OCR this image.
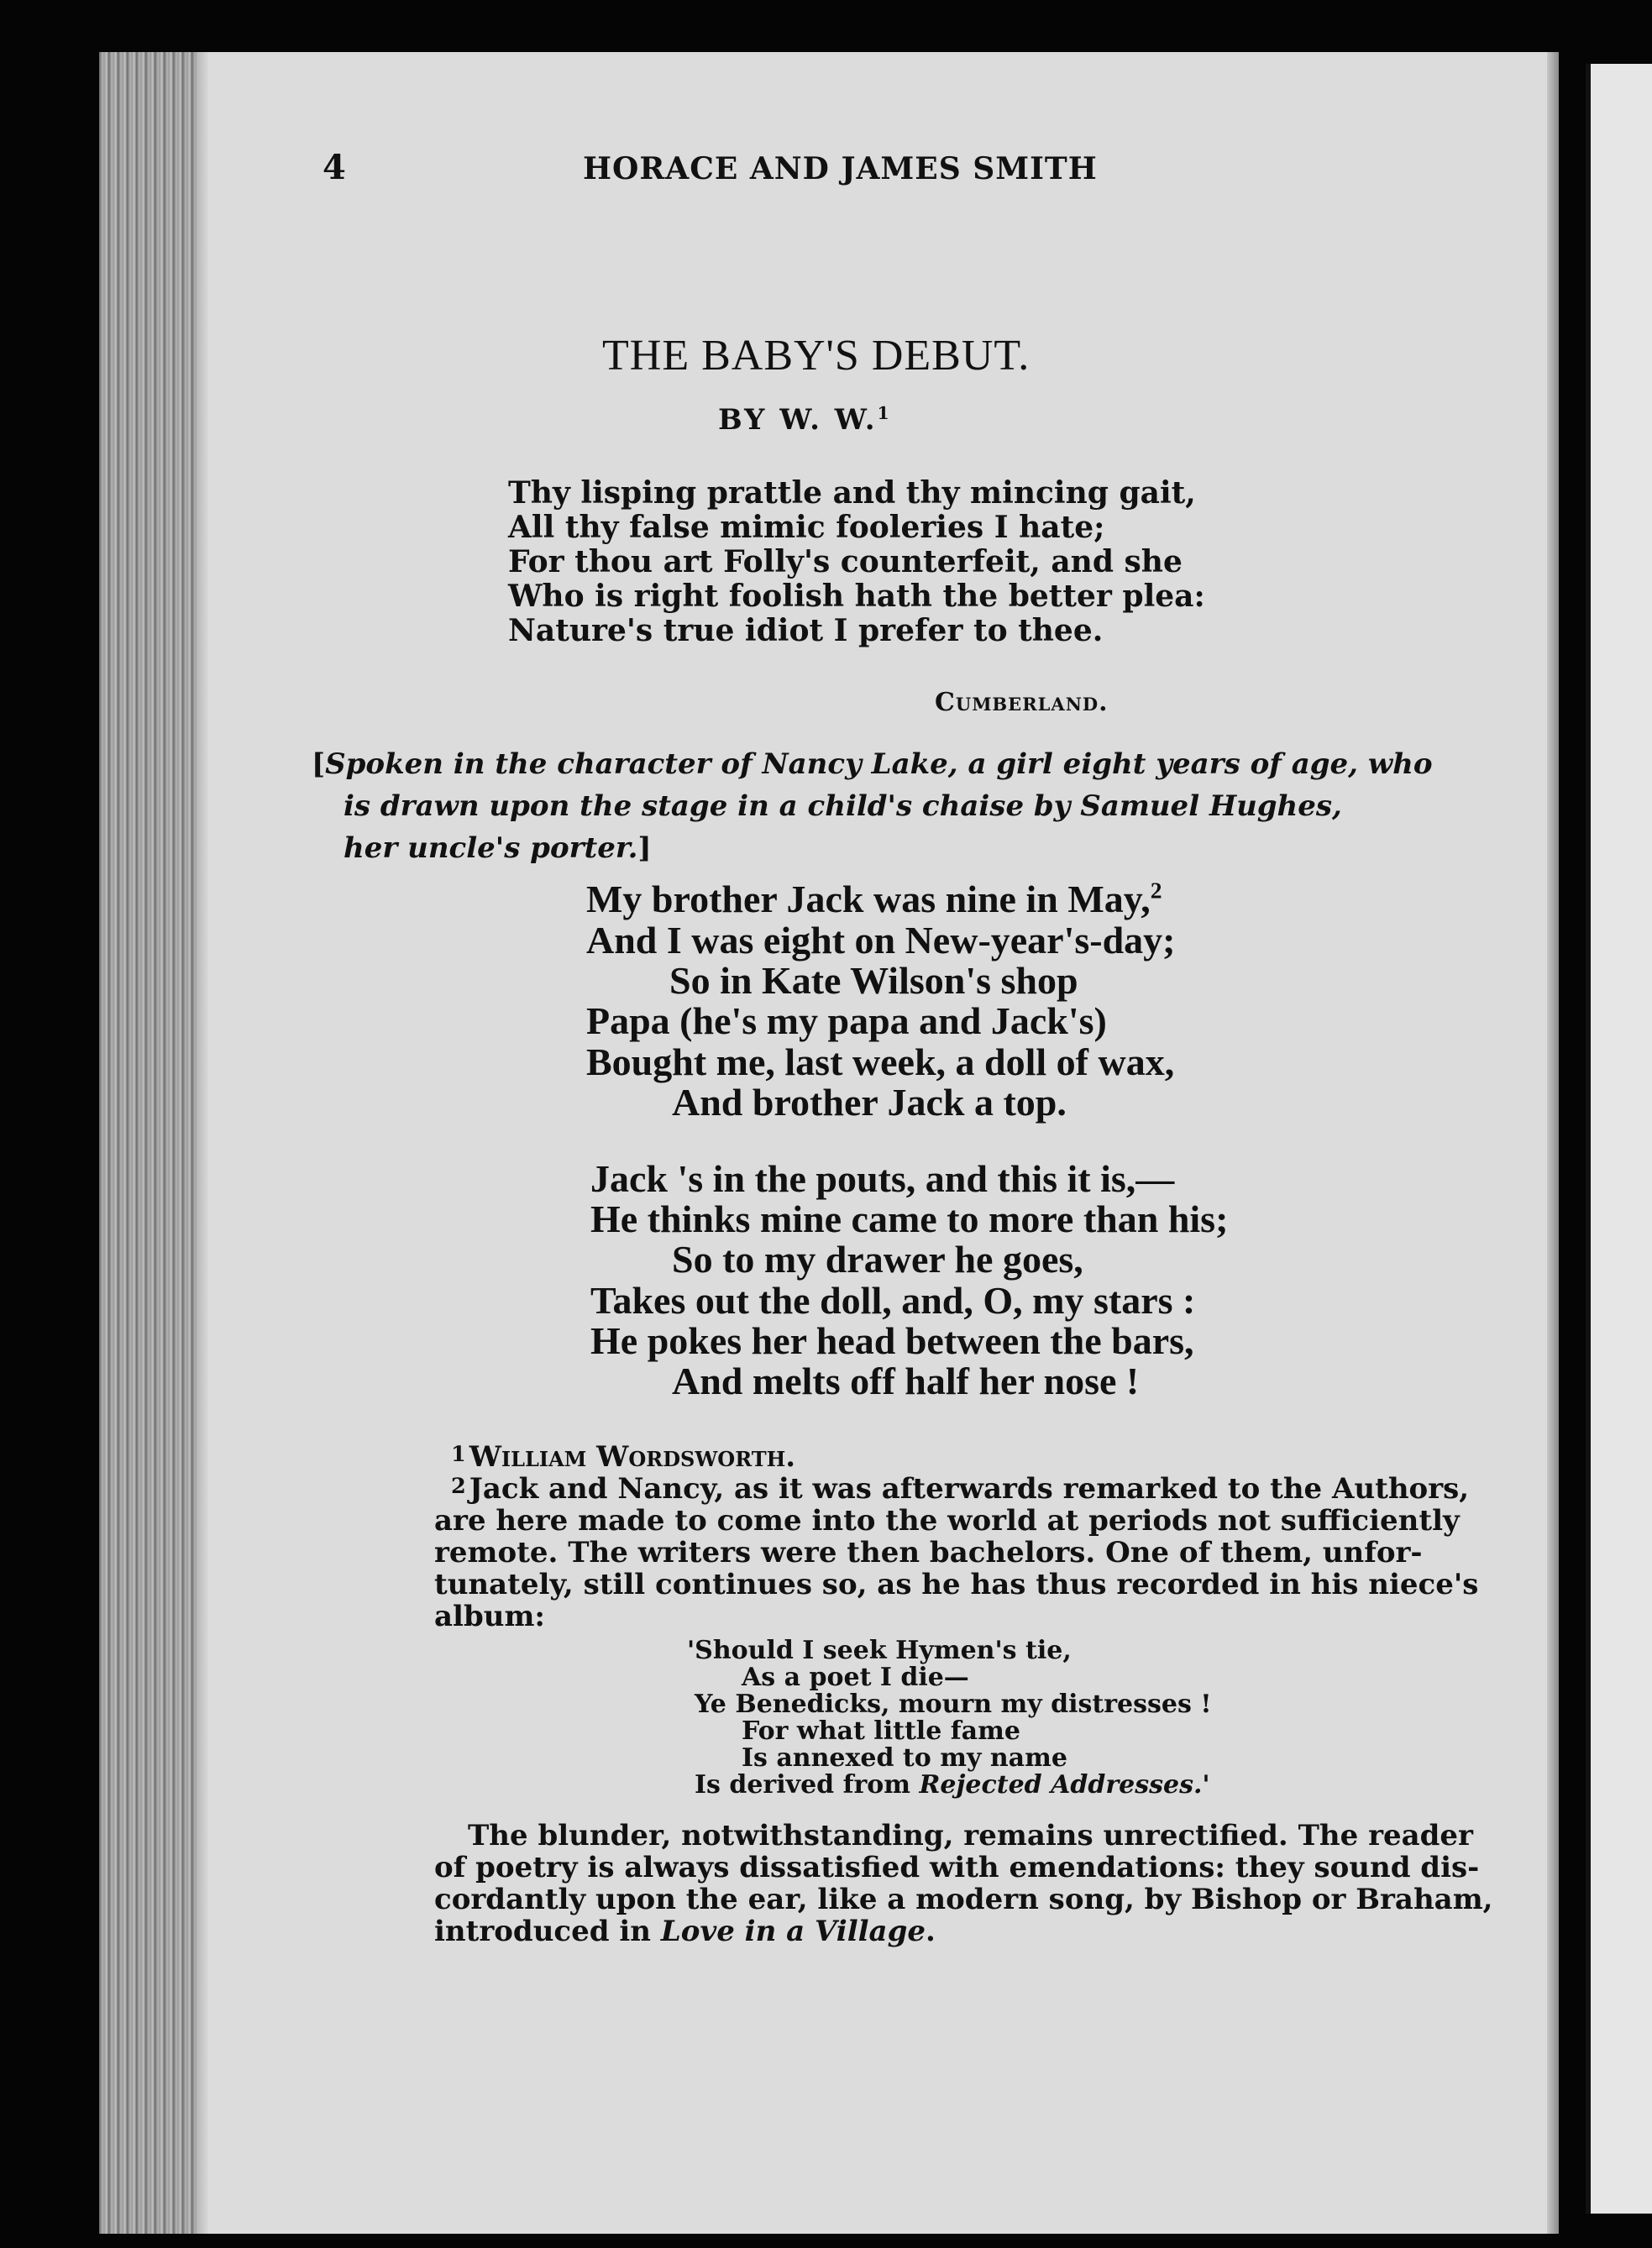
4	HORACE AND JAMES SMITH

THE BABY'S DEBUT.

BY W. W.$^1$

Thy lisping prattle and thy mincing gait,
All thy false mimic fooleries I hate;
For thou art Folly's counterfeit, and she
Who is right foolish hath the better plea:
Nature's true idiot I prefer to thee.

Cumberland.

[Spoken in the character of Nancy Lake, a girl eight years of age, who

is drawn upon the stage in a child's chaise by Samuel Hughes,

her uncle's porter.]

My brother Jack was nine in May,$^2$
And I was eight on New-year's-day;
So in Kate Wilson's shop
Papa (he's my papa and Jack's)
Bought me, last week, a doll of wax,
And brother Jack a top.
Jack 's in the pouts, and this it is,—
He thinks mine came to more than his;
So to my drawer he goes,
Takes out the doll, and, O, my stars :
He pokes her head between the bars,
And melts off half her nose !

1 William Wordsworth.

2 Jack and Nancy, as it was afterwards remarked to the Authors,

are here made to come into the world at periods not sufficiently

remote. The writers were then bachelors. One of them, unfor-

tunately, still continues so, as he has thus recorded in his niece's

album:

'Should I seek Hymen's tie,

As a poet I die—

Ye Benedicks, mourn my distresses !

For what little fame

Is annexed to my name

Is derived from Rejected Addresses.'

The blunder, notwithstanding, remains unrectified. The reader

of poetry is always dissatisfied with emendations: they sound dis-

cordantly upon the ear, like a modern song, by Bishop or Braham,

introduced in Love in a Village.
